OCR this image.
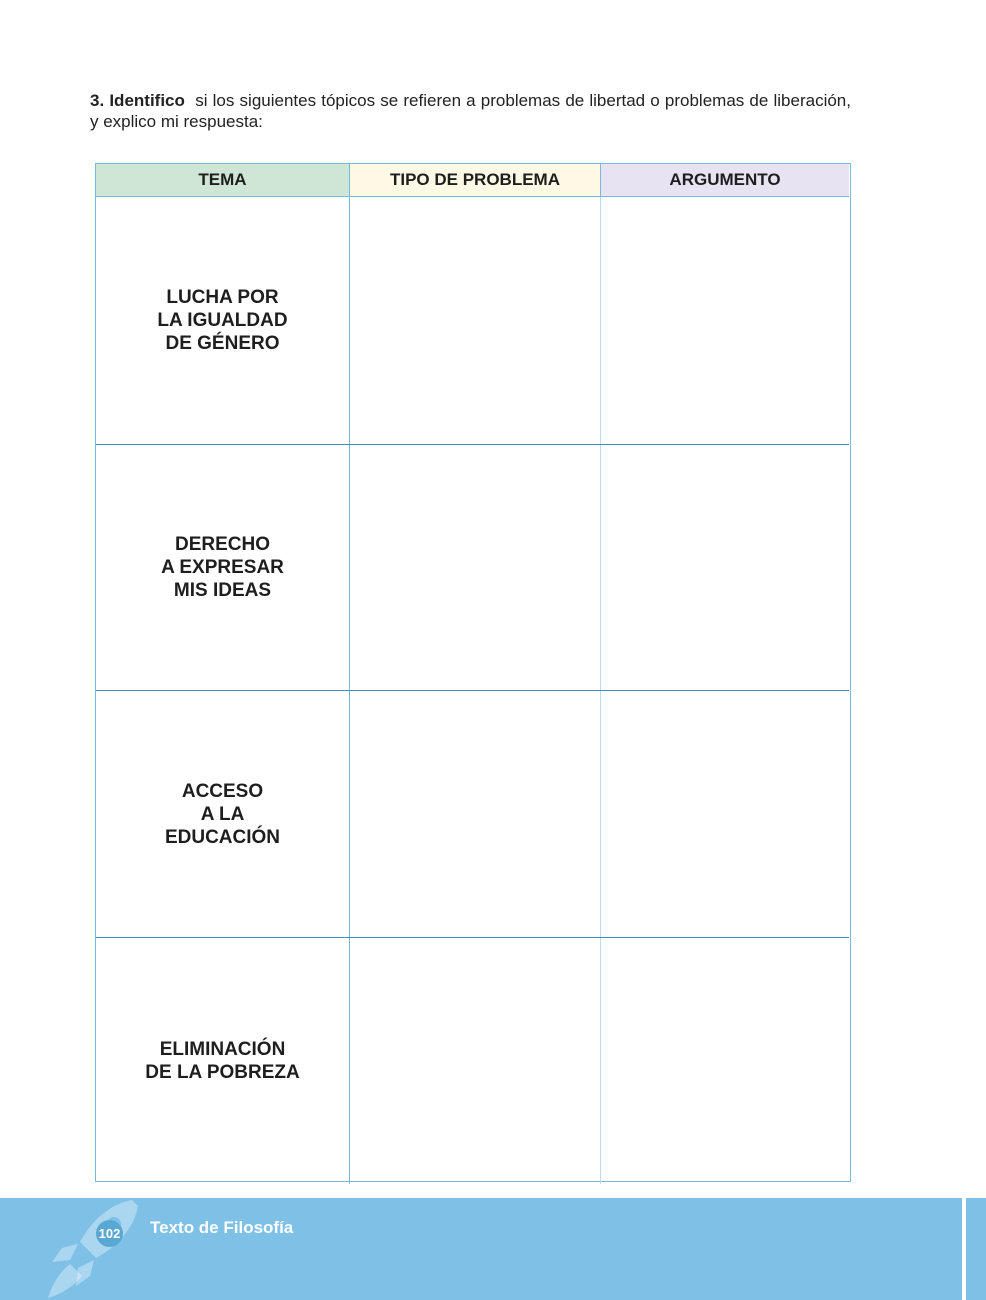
3. Identifico si los siguientes tópicos se refieren a problemas de libertad o problemas de liberación, y explico mi respuesta:
TEMA	TIPO DE PROBLEMA	ARGUMENTO
LUCHA POR
LA IGUALDAD
DE GÉNERO
DERECHO
A EXPRESAR
MIS IDEAS
ACCESO
A LA
EDUCACIÓN
ELIMINACIÓN
DE LA POBREZA
102 Texto de Filosofía
